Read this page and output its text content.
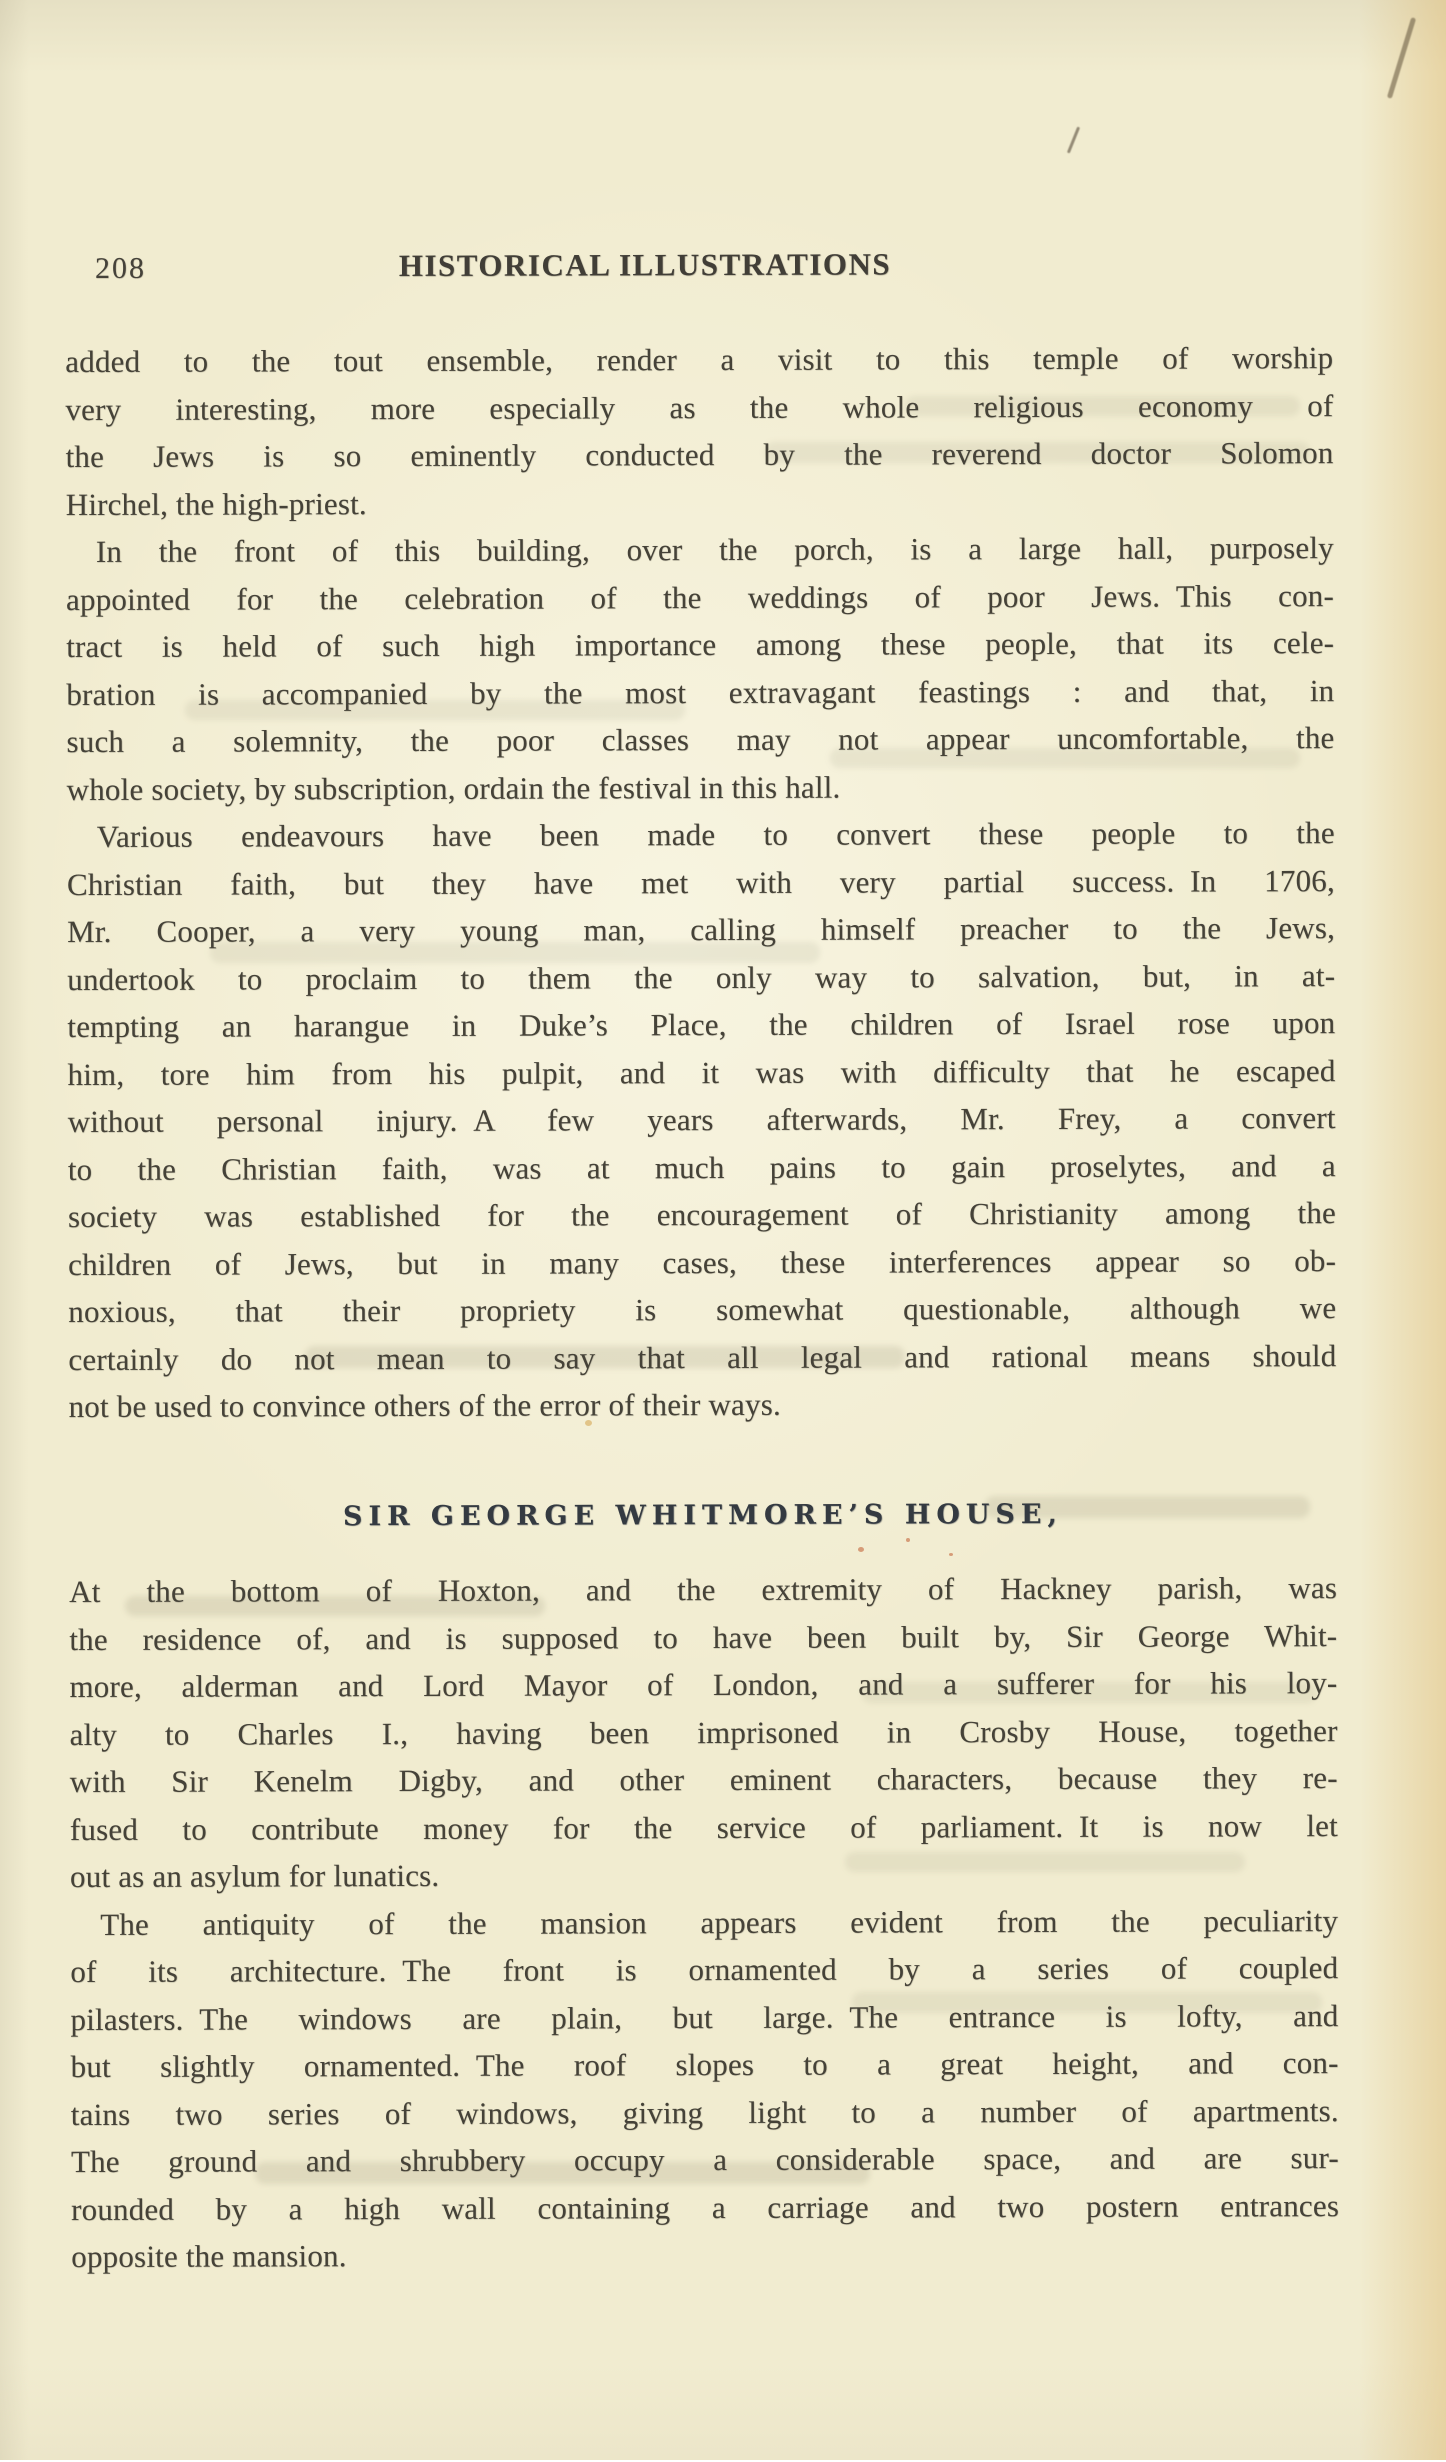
208	HISTORICAL ILLUSTRATIONS
added to the tout ensemble, render a visit to this temple of worship
very interesting, more especially as the whole religious economy of
the Jews is so eminently conducted by the reverend doctor Solomon
Hirchel, the high-priest.
In the front of this building, over the porch, is a large hall, purposely
appointed for the celebration of the weddings of poor Jews. This con-
tract is held of such high importance among these people, that its cele-
bration is accompanied by the most extravagant feastings : and that, in
such a solemnity, the poor classes may not appear uncomfortable, the
whole society, by subscription, ordain the festival in this hall.
Various endeavours have been made to convert these people to the
Christian faith, but they have met with very partial success. In 1706,
Mr. Cooper, a very young man, calling himself preacher to the Jews,
undertook to proclaim to them the only way to salvation, but, in at-
tempting an harangue in Duke’s Place, the children of Israel rose upon
him, tore him from his pulpit, and it was with difficulty that he escaped
without personal injury. A few years afterwards, Mr. Frey, a convert
to the Christian faith, was at much pains to gain proselytes, and a
society was established for the encouragement of Christianity among the
children of Jews, but in many cases, these interferences appear so ob-
noxious, that their propriety is somewhat questionable, although we
certainly do not mean to say that all legal and rational means should
not be used to convince others of the error of their ways.
SIR GEORGE WHITMORE’S HOUSE,
At the bottom of Hoxton, and the extremity of Hackney parish, was
the residence of, and is supposed to have been built by, Sir George Whit-
more, alderman and Lord Mayor of London, and a sufferer for his loy-
alty to Charles I., having been imprisoned in Crosby House, together
with Sir Kenelm Digby, and other eminent characters, because they re-
fused to contribute money for the service of parliament. It is now let
out as an asylum for lunatics.
The antiquity of the mansion appears evident from the peculiarity
of its architecture. The front is ornamented by a series of coupled
pilasters. The windows are plain, but large. The entrance is lofty, and
but slightly ornamented. The roof slopes to a great height, and con-
tains two series of windows, giving light to a number of apartments.
The ground and shrubbery occupy a considerable space, and are sur-
rounded by a high wall containing a carriage and two postern entrances
opposite the mansion.
